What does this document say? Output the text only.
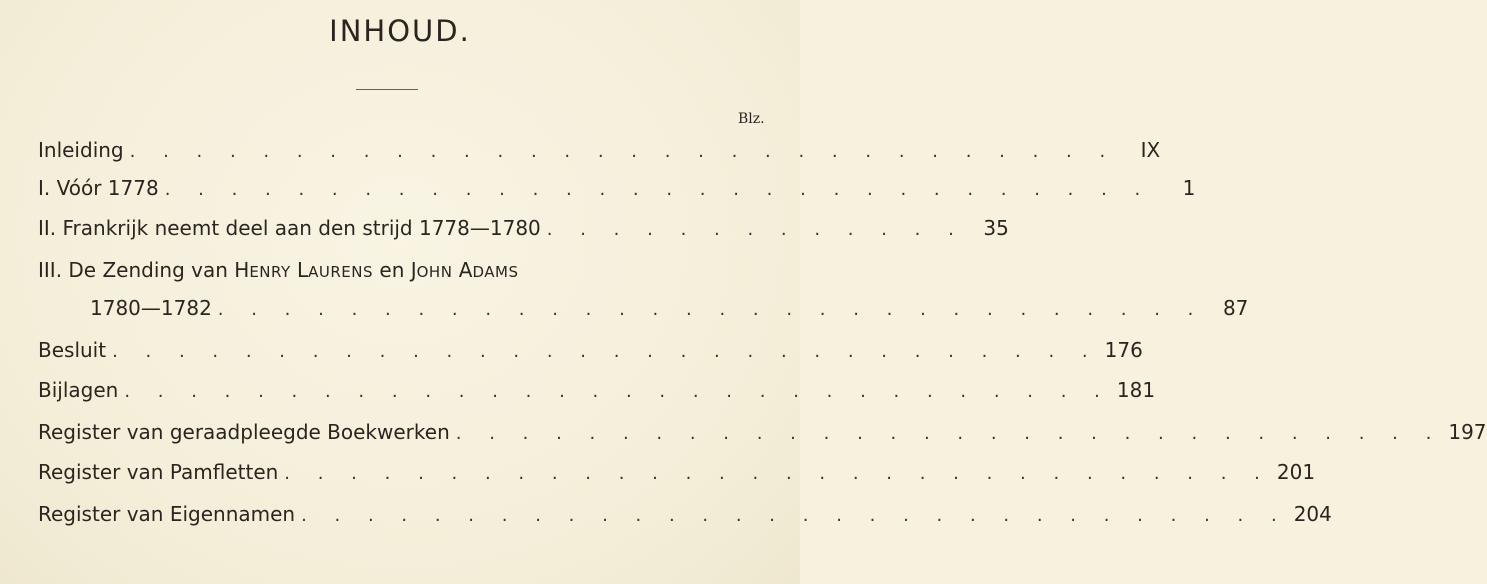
INHOUD.
Blz.
Inleiding . . . . . . . . . . . . . . . . . . . . . . . . . . . . . .	IX
I. Vóór 1778 . . . . . . . . . . . . . . . . . . . . . . . . . . . . . .	1
II. Frankrijk neemt deel aan den strijd 1778—1780 . . . . . . . . . . . . . 35
III. De Zending van HENRY LAURENS en JOHN ADAMS
1780—1782 . . . . . . . . . . . . . . . . . . . . . . . . . . . . . . 87
Besluit . . . . . . . . . . . . . . . . . . . . . . . . . . . . . . 176
Bijlagen . . . . . . . . . . . . . . . . . . . . . . . . . . . . . . 181
Register van geraadpleegde Boekwerken . . . . . . . . . . . . . . . . . . . . . . . . . . . . . . 197
Register van Pamfletten . . . . . . . . . . . . . . . . . . . . . . . . . . . . . . 201
Register van Eigennamen . . . . . . . . . . . . . . . . . . . . . . . . . . . . . . 204
